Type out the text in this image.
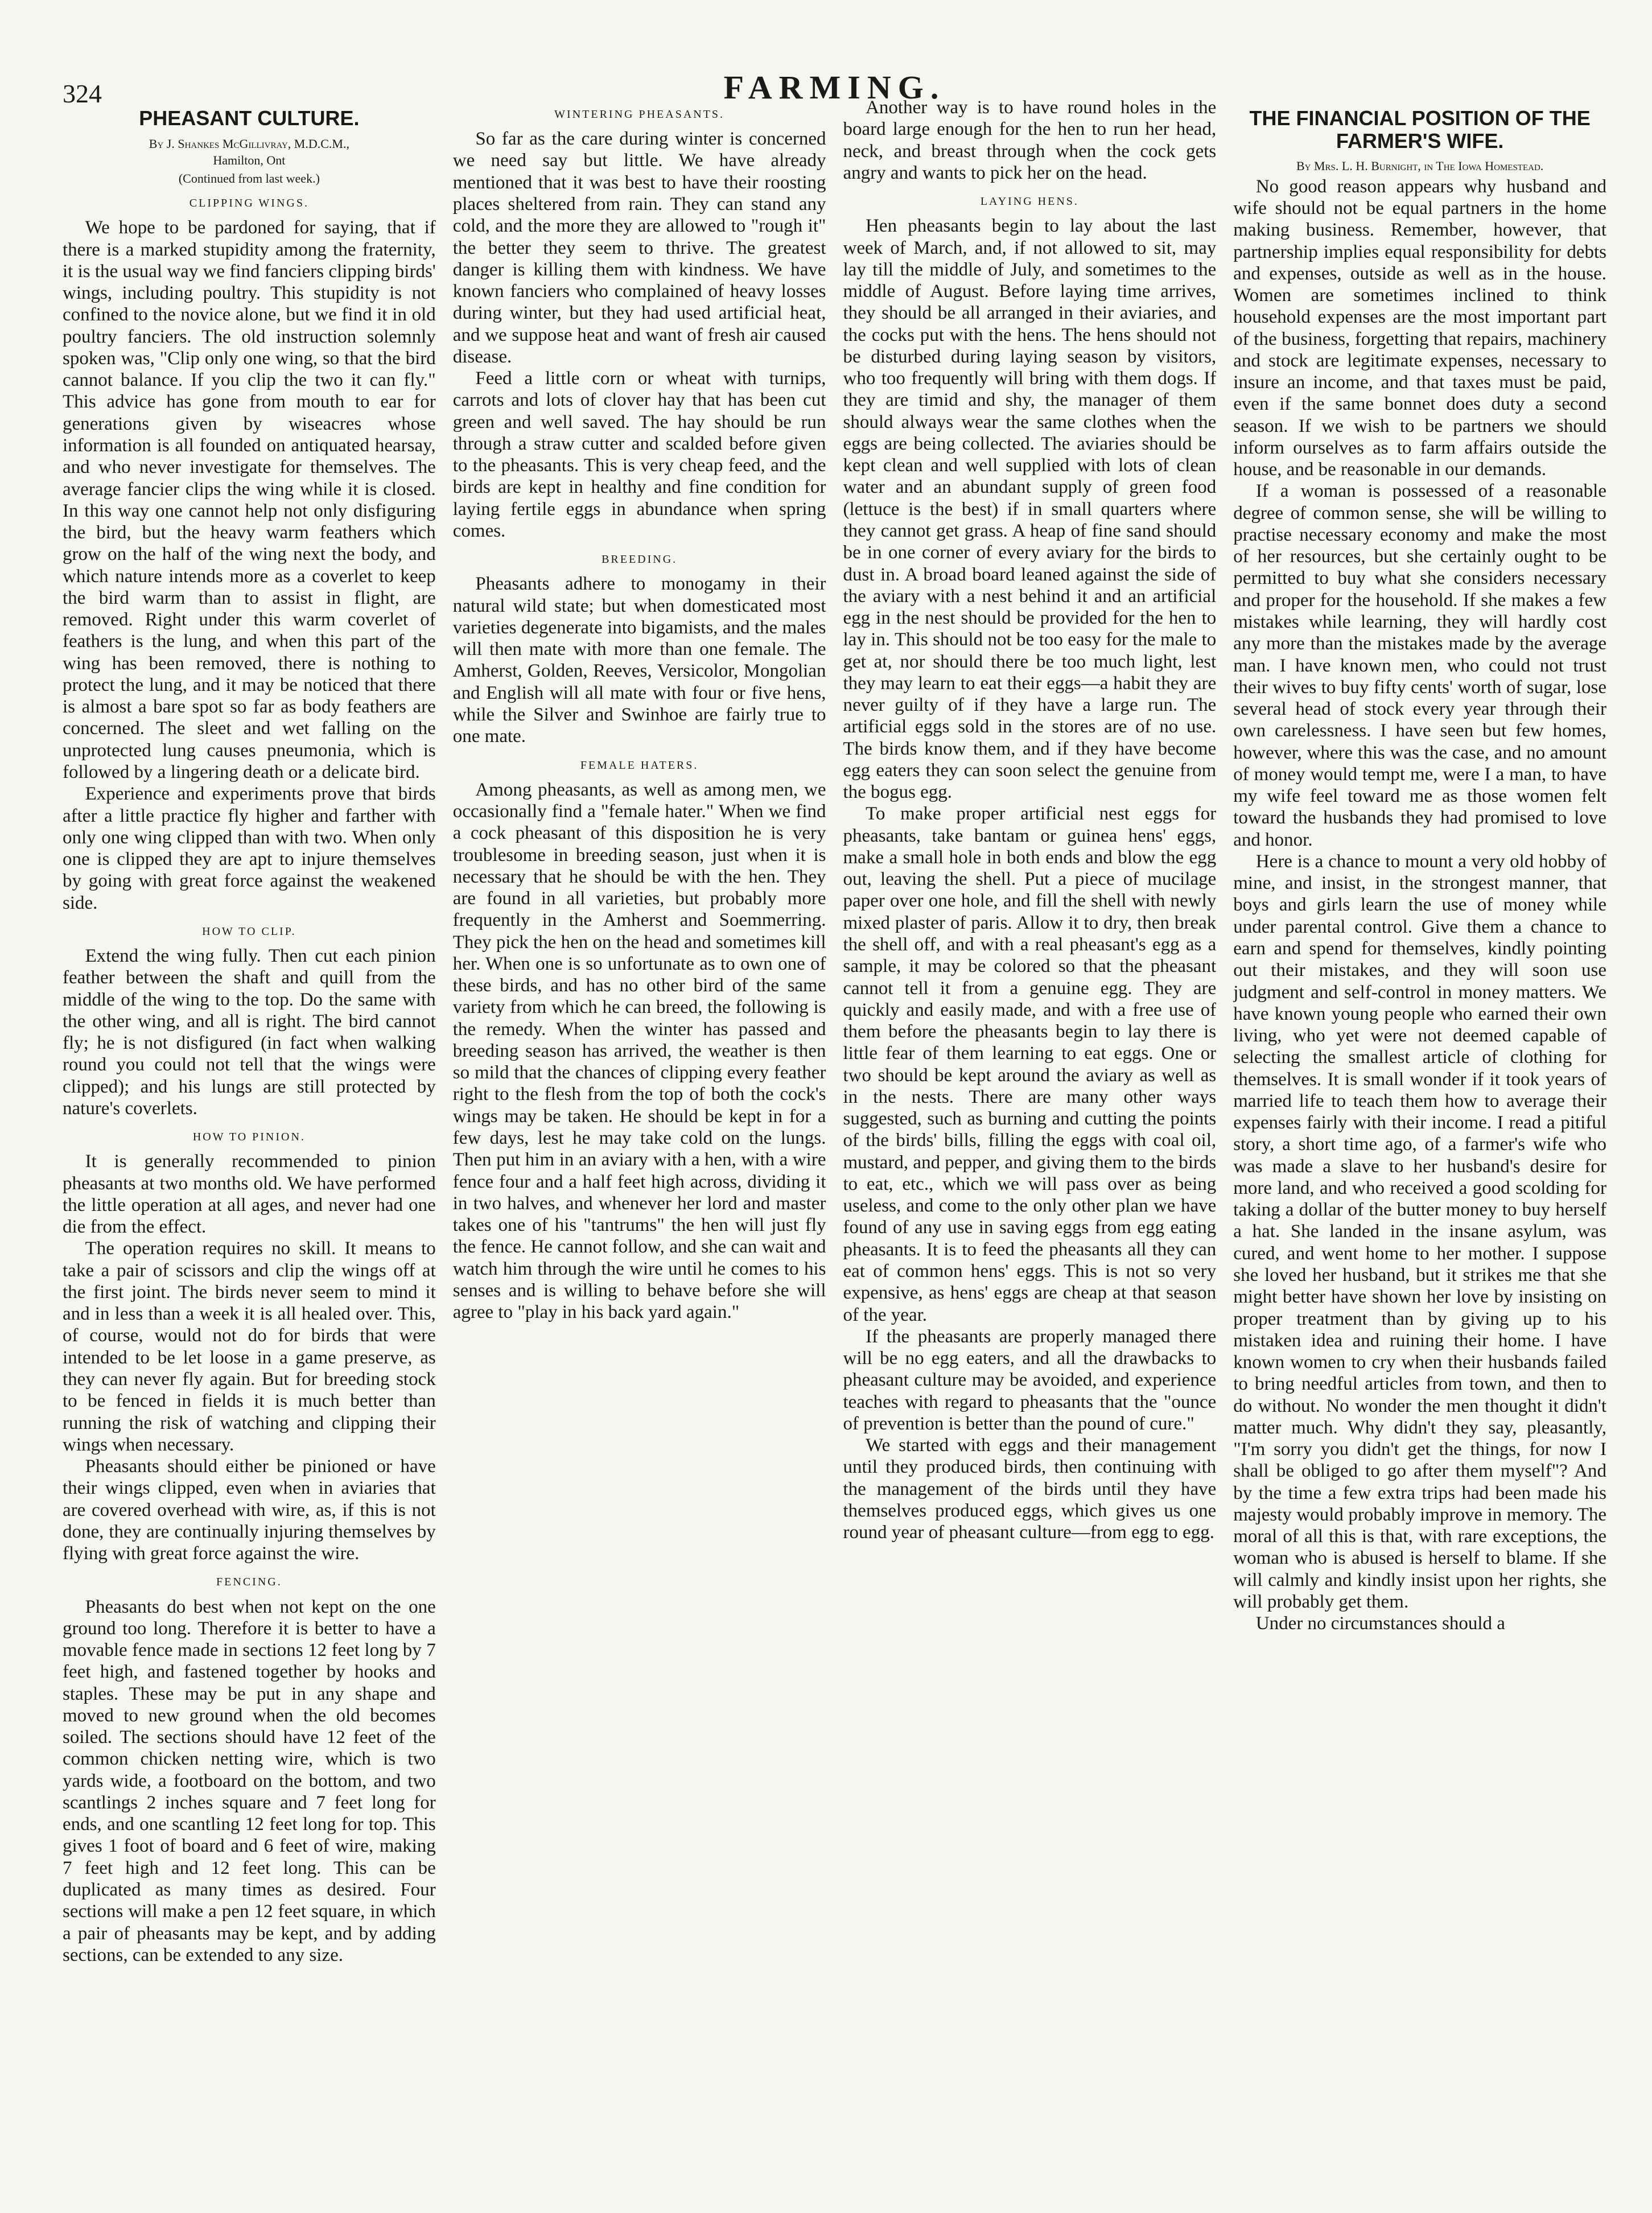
324	FARMING.
PHEASANT CULTURE.
By J. Shankes McGillivray, M.D.C.M.,
Hamilton, Ont
(Continued from last week.)
CLIPPING WINGS.

We hope to be pardoned for saying, that if there is a marked stupidity among the fraternity, it is the usual way we find fanciers clipping birds' wings, including poultry. This stupidity is not confined to the novice alone, but we find it in old poultry fanciers. The old instruction solemnly spoken was, "Clip only one wing, so that the bird cannot balance. If you clip the two it can fly." This advice has gone from mouth to ear for generations given by wiseacres whose information is all founded on antiquated hearsay, and who never investigate for themselves. The average fancier clips the wing while it is closed. In this way one cannot help not only disfiguring the bird, but the heavy warm feathers which grow on the half of the wing next the body, and which nature intends more as a coverlet to keep the bird warm than to assist in flight, are removed. Right under this warm coverlet of feathers is the lung, and when this part of the wing has been removed, there is nothing to protect the lung, and it may be noticed that there is almost a bare spot so far as body feathers are concerned. The sleet and wet falling on the unprotected lung causes pneumonia, which is followed by a lingering death or a delicate bird.

Experience and experiments prove that birds after a little practice fly higher and farther with only one wing clipped than with two. When only one is clipped they are apt to injure themselves by going with great force against the weakened side.

HOW TO CLIP.

Extend the wing fully. Then cut each pinion feather between the shaft and quill from the middle of the wing to the top. Do the same with the other wing, and all is right. The bird cannot fly; he is not disfigured (in fact when walking round you could not tell that the wings were clipped); and his lungs are still protected by nature's coverlets.

HOW TO PINION.

It is generally recommended to pinion pheasants at two months old. We have performed the little operation at all ages, and never had one die from the effect.

The operation requires no skill. It means to take a pair of scissors and clip the wings off at the first joint. The birds never seem to mind it and in less than a week it is all healed over. This, of course, would not do for birds that were intended to be let loose in a game preserve, as they can never fly again. But for breeding stock to be fenced in fields it is much better than running the risk of watching and clipping their wings when necessary.

Pheasants should either be pinioned or have their wings clipped, even when in aviaries that are covered overhead with wire, as, if this is not done, they are continually injuring themselves by flying with great force against the wire.

FENCING.

Pheasants do best when not kept on the one ground too long. Therefore it is better to have a movable fence made in sections 12 feet long by 7 feet high, and fastened together by hooks and staples. These may be put in any shape and moved to new ground when the old becomes soiled. The sections should have 12 feet of the common chicken netting wire, which is two yards wide, a footboard on the bottom, and two scantlings 2 inches square and 7 feet long for ends, and one scantling 12 feet long for top. This gives 1 foot of board and 6 feet of wire, making 7 feet high and 12 feet long. This can be duplicated as many times as desired. Four sections will make a pen 12 feet square, in which a pair of pheasants may be kept, and by adding sections, can be extended to any size.

WINTERING PHEASANTS.

So far as the care during winter is concerned we need say but little. We have already mentioned that it was best to have their roosting places sheltered from rain. They can stand any cold, and the more they are allowed to "rough it" the better they seem to thrive. The greatest danger is killing them with kindness. We have known fanciers who complained of heavy losses during winter, but they had used artificial heat, and we suppose heat and want of fresh air caused disease.

Feed a little corn or wheat with turnips, carrots and lots of clover hay that has been cut green and well saved. The hay should be run through a straw cutter and scalded before given to the pheasants. This is very cheap feed, and the birds are kept in healthy and fine condition for laying fertile eggs in abundance when spring comes.

BREEDING.

Pheasants adhere to monogamy in their natural wild state; but when domesticated most varieties degenerate into bigamists, and the males will then mate with more than one female. The Amherst, Golden, Reeves, Versicolor, Mongolian and English will all mate with four or five hens, while the Silver and Swinhoe are fairly true to one mate.

FEMALE HATERS.

Among pheasants, as well as among men, we occasionally find a "female hater." When we find a cock pheasant of this disposition he is very troublesome in breeding season, just when it is necessary that he should be with the hen. They are found in all varieties, but probably more frequently in the Amherst and Soemmerring. They pick the hen on the head and sometimes kill her. When one is so unfortunate as to own one of these birds, and has no other bird of the same variety from which he can breed, the following is the remedy. When the winter has passed and breeding season has arrived, the weather is then so mild that the chances of clipping every feather right to the flesh from the top of both the cock's wings may be taken. He should be kept in for a few days, lest he may take cold on the lungs. Then put him in an aviary with a hen, with a wire fence four and a half feet high across, dividing it in two halves, and whenever her lord and master takes one of his "tantrums" the hen will just fly the fence. He cannot follow, and she can wait and watch him through the wire until he comes to his senses and is willing to behave before she will agree to "play in his back yard again."

Another way is to have round holes in the board large enough for the hen to run her head, neck, and breast through when the cock gets angry and wants to pick her on the head.

LAYING HENS.

Hen pheasants begin to lay about the last week of March, and, if not allowed to sit, may lay till the middle of July, and sometimes to the middle of August. Before laying time arrives, they should be all arranged in their aviaries, and the cocks put with the hens. The hens should not be disturbed during laying season by visitors, who too frequently will bring with them dogs. If they are timid and shy, the manager of them should always wear the same clothes when the eggs are being collected. The aviaries should be kept clean and well supplied with lots of clean water and an abundant supply of green food (lettuce is the best) if in small quarters where they cannot get grass. A heap of fine sand should be in one corner of every aviary for the birds to dust in. A broad board leaned against the side of the aviary with a nest behind it and an artificial egg in the nest should be provided for the hen to lay in. This should not be too easy for the male to get at, nor should there be too much light, lest they may learn to eat their eggs—a habit they are never guilty of if they have a large run. The artificial eggs sold in the stores are of no use. The birds know them, and if they have become egg eaters they can soon select the genuine from the bogus egg.

To make proper artificial nest eggs for pheasants, take bantam or guinea hens' eggs, make a small hole in both ends and blow the egg out, leaving the shell. Put a piece of mucilage paper over one hole, and fill the shell with newly mixed plaster of paris. Allow it to dry, then break the shell off, and with a real pheasant's egg as a sample, it may be colored so that the pheasant cannot tell it from a genuine egg. They are quickly and easily made, and with a free use of them before the pheasants begin to lay there is little fear of them learning to eat eggs. One or two should be kept around the aviary as well as in the nests. There are many other ways suggested, such as burning and cutting the points of the birds' bills, filling the eggs with coal oil, mustard, and pepper, and giving them to the birds to eat, etc., which we will pass over as being useless, and come to the only other plan we have found of any use in saving eggs from egg eating pheasants. It is to feed the pheasants all they can eat of common hens' eggs. This is not so very expensive, as hens' eggs are cheap at that season of the year.

If the pheasants are properly managed there will be no egg eaters, and all the drawbacks to pheasant culture may be avoided, and experience teaches with regard to pheasants that the "ounce of prevention is better than the pound of cure."

We started with eggs and their management until they produced birds, then continuing with the management of the birds until they have themselves produced eggs, which gives us one round year of pheasant culture—from egg to egg.

THE FINANCIAL POSITION OF THE FARMER'S WIFE.
By Mrs. L. H. Burnight, in The Iowa Homestead.

No good reason appears why husband and wife should not be equal partners in the home making business. Remember, however, that partnership implies equal responsibility for debts and expenses, outside as well as in the house. Women are sometimes inclined to think household expenses are the most important part of the business, forgetting that repairs, machinery and stock are legitimate expenses, necessary to insure an income, and that taxes must be paid, even if the same bonnet does duty a second season. If we wish to be partners we should inform ourselves as to farm affairs outside the house, and be reasonable in our demands.

If a woman is possessed of a reasonable degree of common sense, she will be willing to practise necessary economy and make the most of her resources, but she certainly ought to be permitted to buy what she considers necessary and proper for the household. If she makes a few mistakes while learning, they will hardly cost any more than the mistakes made by the average man. I have known men, who could not trust their wives to buy fifty cents' worth of sugar, lose several head of stock every year through their own carelessness. I have seen but few homes, however, where this was the case, and no amount of money would tempt me, were I a man, to have my wife feel toward me as those women felt toward the husbands they had promised to love and honor.

Here is a chance to mount a very old hobby of mine, and insist, in the strongest manner, that boys and girls learn the use of money while under parental control. Give them a chance to earn and spend for themselves, kindly pointing out their mistakes, and they will soon use judgment and self-control in money matters. We have known young people who earned their own living, who yet were not deemed capable of selecting the smallest article of clothing for themselves. It is small wonder if it took years of married life to teach them how to average their expenses fairly with their income. I read a pitiful story, a short time ago, of a farmer's wife who was made a slave to her husband's desire for more land, and who received a good scolding for taking a dollar of the butter money to buy herself a hat. She landed in the insane asylum, was cured, and went home to her mother. I suppose she loved her husband, but it strikes me that she might better have shown her love by insisting on proper treatment than by giving up to his mistaken idea and ruining their home. I have known women to cry when their husbands failed to bring needful articles from town, and then to do without. No wonder the men thought it didn't matter much. Why didn't they say, pleasantly, "I'm sorry you didn't get the things, for now I shall be obliged to go after them myself"? And by the time a few extra trips had been made his majesty would probably improve in memory. The moral of all this is that, with rare exceptions, the woman who is abused is herself to blame. If she will calmly and kindly insist upon her rights, she will probably get them.

Under no circumstances should a
